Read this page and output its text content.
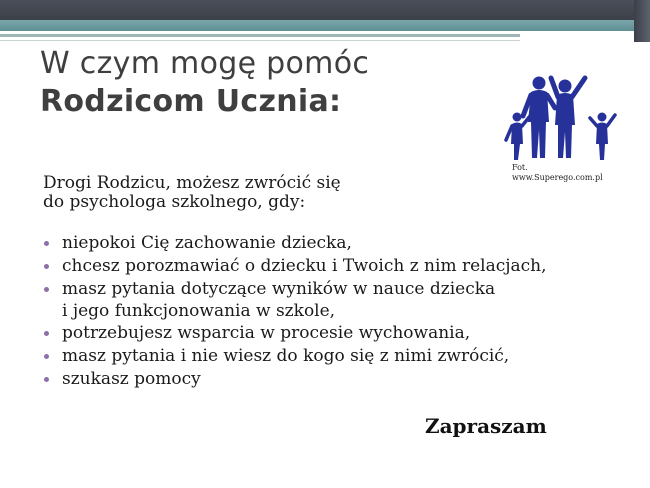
W czym mogę pomóc
Rodzicom Ucznia:
Fot.
www.Superego.com.pl
Drogi Rodzicu, możesz zwrócić się
do psychologa szkolnego, gdy:
niepokoi Cię zachowanie dziecka,
chcesz porozmawiać o dziecku i Twoich z nim relacjach,
masz pytania dotyczące wyników w nauce dziecka
i jego funkcjonowania w szkole,
potrzebujesz wsparcia w procesie wychowania,
masz pytania i nie wiesz do kogo się z nimi zwrócić,
szukasz pomocy
Zapraszam
